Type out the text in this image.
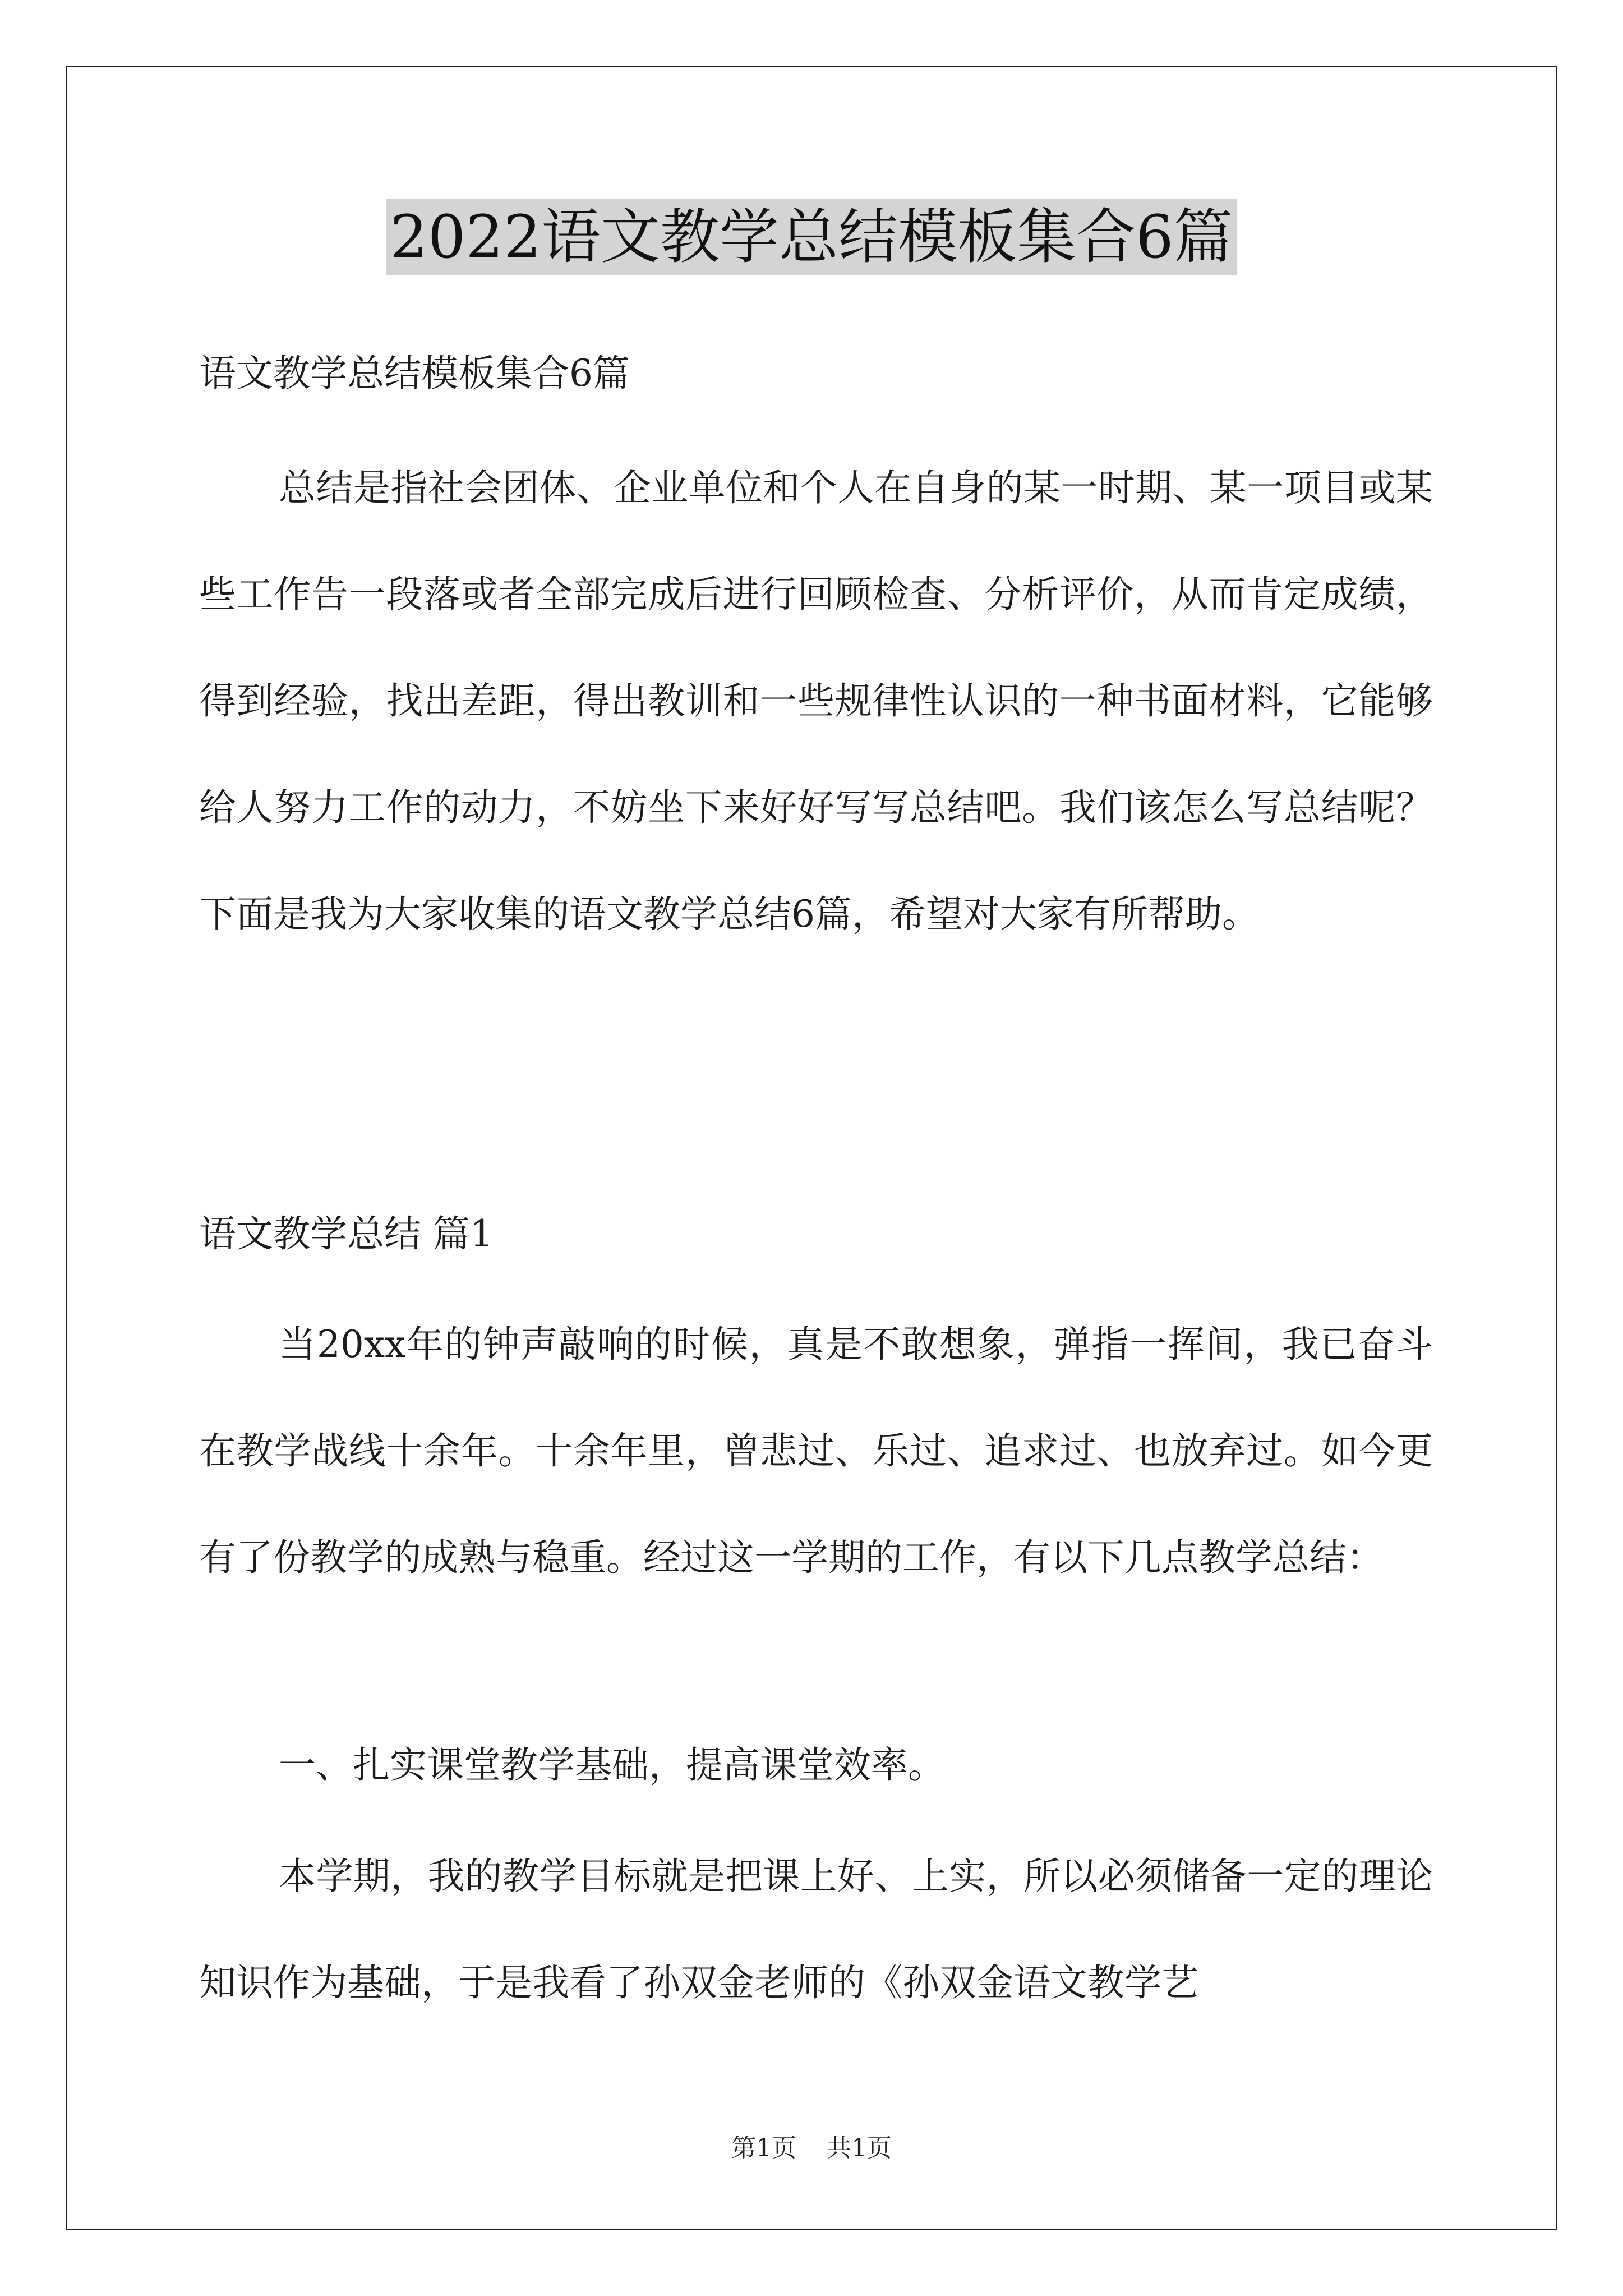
2022语文教学总结模板集合6篇
语文教学总结模板集合6篇

总结是指社会团体、企业单位和个人在自身的某一时期、某一项目或某些工作告一段落或者全部完成后进行回顾检查、分析评价，从而肯定成绩，得到经验，找出差距，得出教训和一些规律性认识的一种书面材料，它能够给人努力工作的动力，不妨坐下来好好写写总结吧。我们该怎么写总结呢？下面是我为大家收集的语文教学总结6篇，希望对大家有所帮助。

语文教学总结 篇1

当20xx年的钟声敲响的时候，真是不敢想象，弹指一挥间，我已奋斗在教学战线十余年。十余年里，曾悲过、乐过、追求过、也放弃过。如今更有了份教学的成熟与稳重。经过这一学期的工作，有以下几点教学总结：

一、扎实课堂教学基础，提高课堂效率。

本学期，我的教学目标就是把课上好、上实，所以必须储备一定的理论知识作为基础，于是我看了孙双金老师的《孙双金语文教学艺

第1页 共1页
